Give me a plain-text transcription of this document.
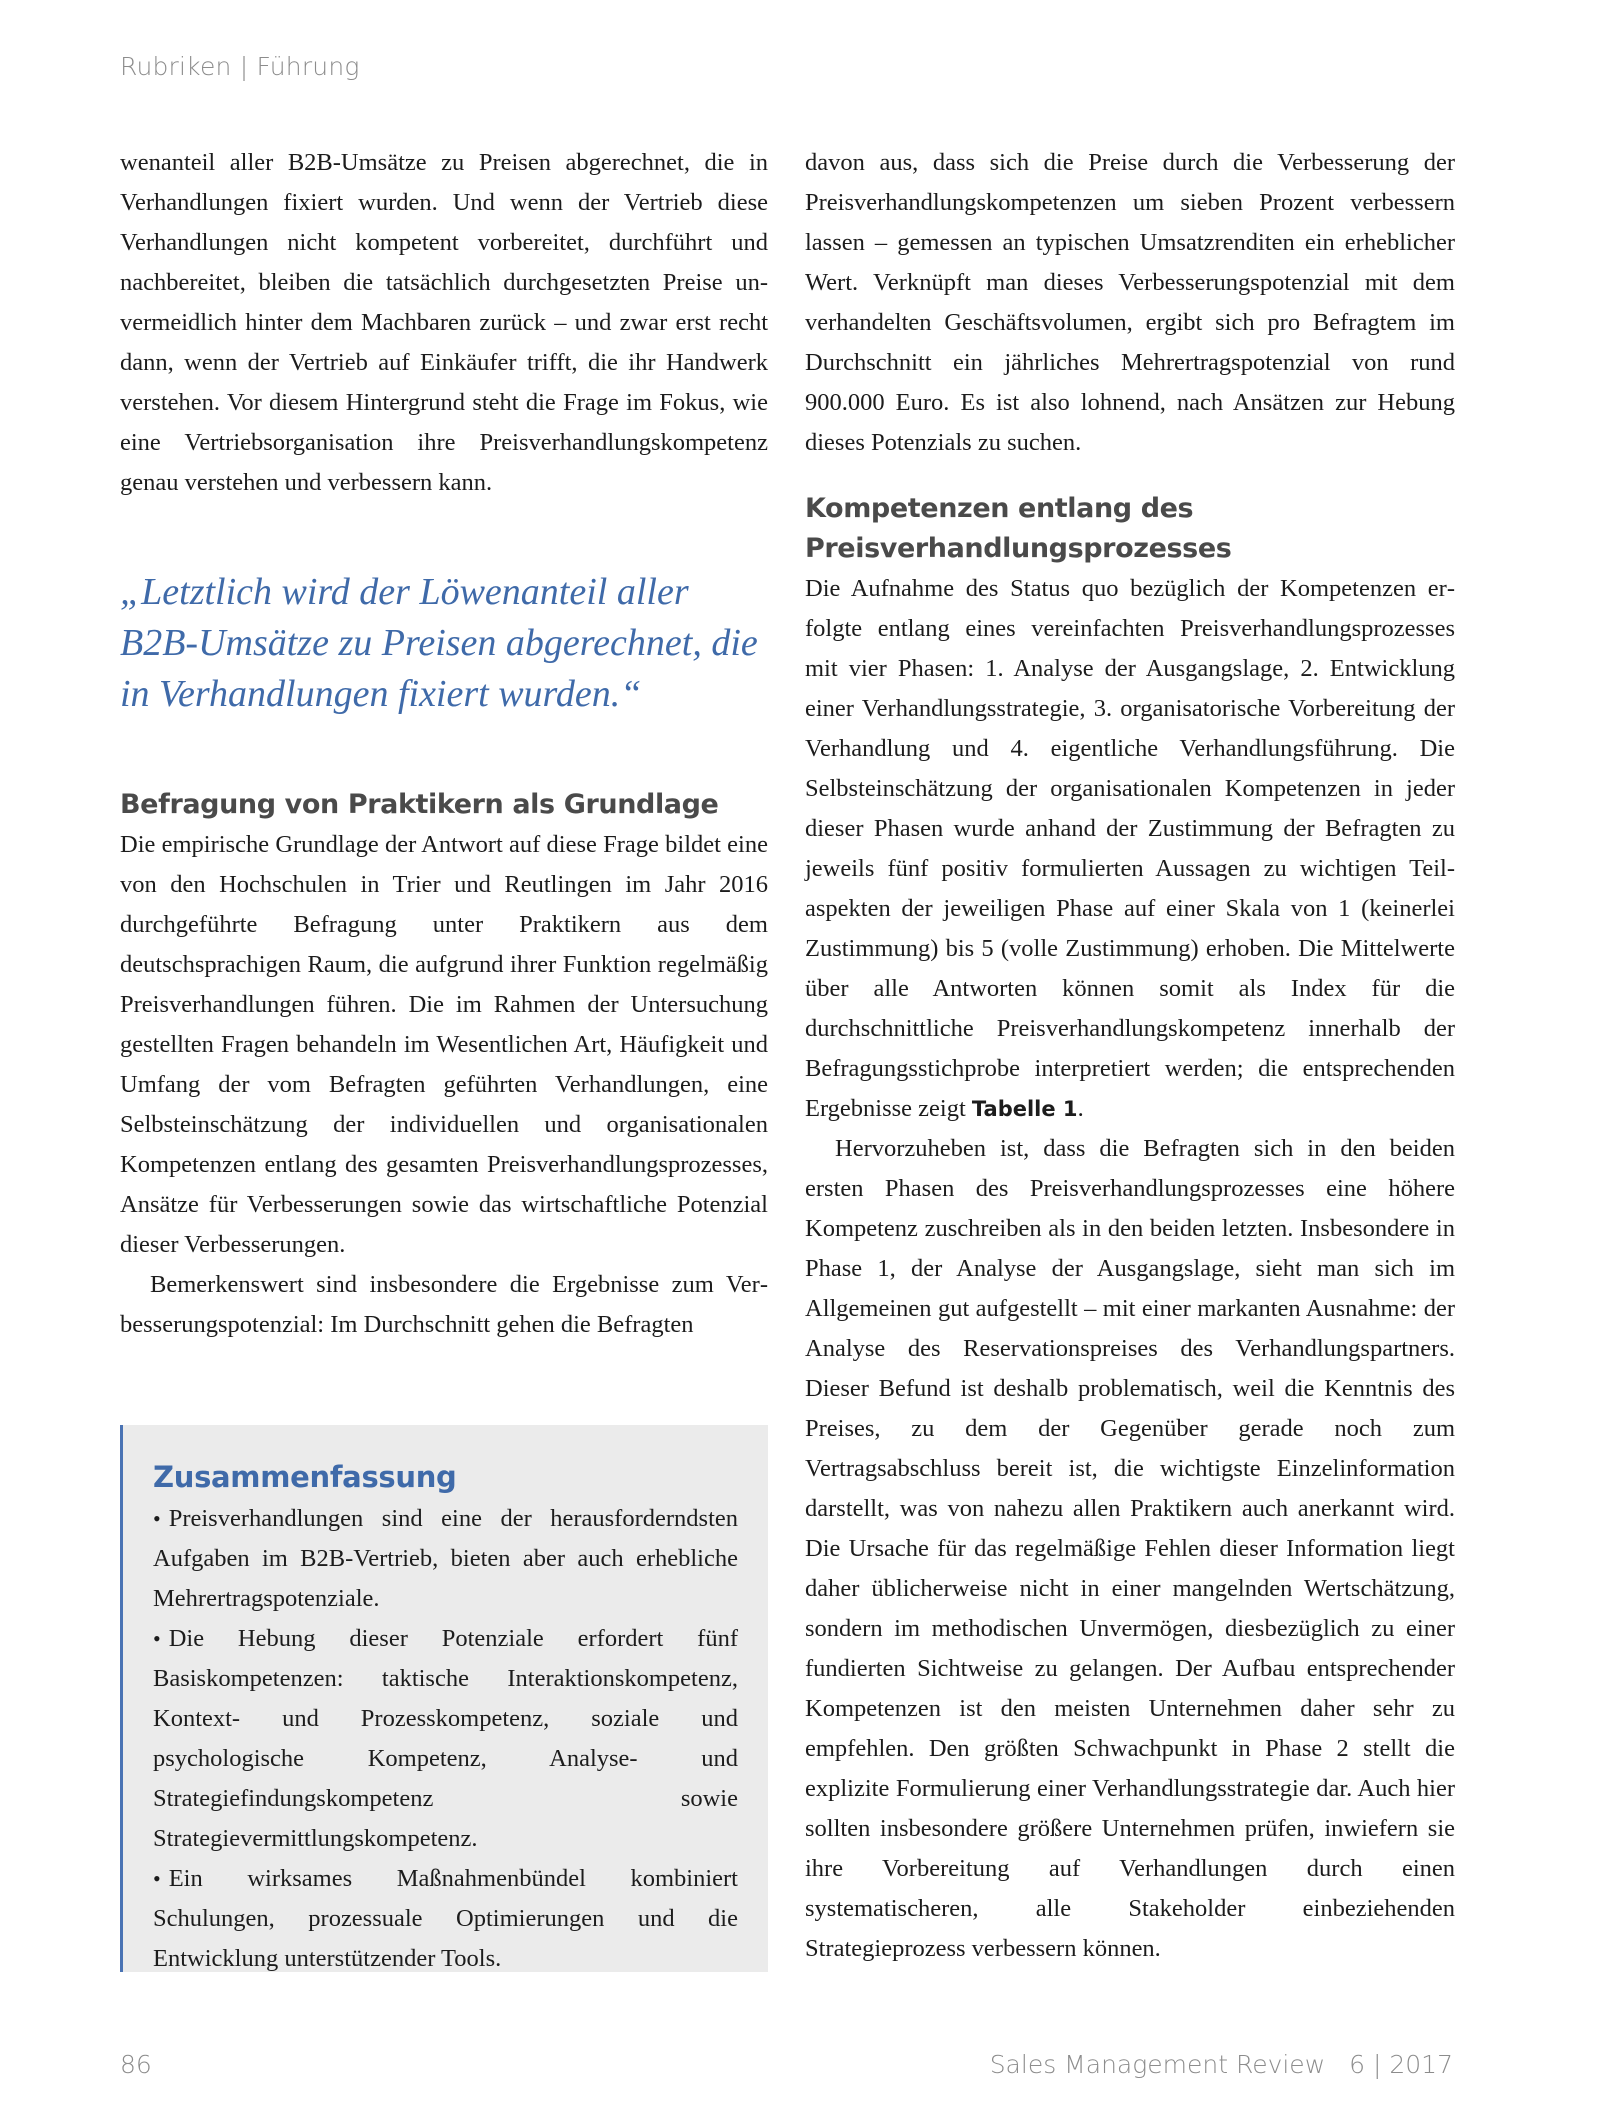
Rubriken | Führung

wenanteil aller B2B-Umsätze zu Preisen abgerechnet, die in Verhandlungen fixiert wurden. Und wenn der Vertrieb diese Verhandlungen nicht kompetent vorbereitet, durchführt und nachbereitet, bleiben die tatsächlich durchgesetzten Preise unvermeidlich hinter dem Machbaren zurück – und zwar erst recht dann, wenn der Vertrieb auf Einkäufer trifft, die ihr Handwerk verstehen. Vor diesem Hintergrund steht die Frage im Fokus, wie eine Vertriebsorganisation ihre Preisverhandlungskompetenz genau verstehen und verbessern kann.

„Letztlich wird der Löwenanteil aller B2B-Umsätze zu Preisen abgerechnet, die in Verhandlungen fixiert wurden.“

Befragung von Praktikern als Grundlage

Die empirische Grundlage der Antwort auf diese Frage bildet eine von den Hochschulen in Trier und Reutlingen im Jahr 2016 durchgeführte Befragung unter Praktikern aus dem deutschsprachigen Raum, die aufgrund ihrer Funktion regelmäßig Preisverhandlungen führen. Die im Rahmen der Untersuchung gestellten Fragen behandeln im Wesentlichen Art, Häufigkeit und Umfang der vom Befragten geführten Verhandlungen, eine Selbsteinschätzung der individuellen und organisationalen Kompetenzen entlang des gesamten Preisverhandlungsprozesses, Ansätze für Verbesserungen sowie das wirtschaftliche Potenzial dieser Verbesserungen.

Bemerkenswert sind insbesondere die Ergebnisse zum Verbesserungspotenzial: Im Durchschnitt gehen die Befragten

Zusammenfassung

• Preisverhandlungen sind eine der herausforderndsten Aufgaben im B2B-Vertrieb, bieten aber auch erhebliche Mehrertragspotenziale.

• Die Hebung dieser Potenziale erfordert fünf Basiskompetenzen: taktische Interaktionskompetenz, Kontext- und Prozesskompetenz, soziale und psychologische Kompetenz, Analyse- und Strategiefindungskompetenz sowie Strategievermittlungskompetenz.

• Ein wirksames Maßnahmenbündel kombiniert Schulungen, prozessuale Optimierungen und die Entwicklung unterstützender Tools.

davon aus, dass sich die Preise durch die Verbesserung der Preisverhandlungskompetenzen um sieben Prozent verbessern lassen – gemessen an typischen Umsatzrenditen ein erheblicher Wert. Verknüpft man dieses Verbesserungspotenzial mit dem verhandelten Geschäftsvolumen, ergibt sich pro Befragtem im Durchschnitt ein jährliches Mehrertragspotenzial von rund 900.000 Euro. Es ist also lohnend, nach Ansätzen zur Hebung dieses Potenzials zu suchen.

Kompetenzen entlang des Preisverhandlungsprozesses

Die Aufnahme des Status quo bezüglich der Kompetenzen erfolgte entlang eines vereinfachten Preisverhandlungsprozesses mit vier Phasen: 1. Analyse der Ausgangslage, 2. Entwicklung einer Verhandlungsstrategie, 3. organisatorische Vorbereitung der Verhandlung und 4. eigentliche Verhandlungsführung. Die Selbsteinschätzung der organisationalen Kompetenzen in jeder dieser Phasen wurde anhand der Zustimmung der Befragten zu jeweils fünf positiv formulierten Aussagen zu wichtigen Teilaspekten der jeweiligen Phase auf einer Skala von 1 (keinerlei Zustimmung) bis 5 (volle Zustimmung) erhoben. Die Mittelwerte über alle Antworten können somit als Index für die durchschnittliche Preisverhandlungskompetenz innerhalb der Befragungsstichprobe interpretiert werden; die entsprechenden Ergebnisse zeigt Tabelle 1.

Hervorzuheben ist, dass die Befragten sich in den beiden ersten Phasen des Preisverhandlungsprozesses eine höhere Kompetenz zuschreiben als in den beiden letzten. Insbesondere in Phase 1, der Analyse der Ausgangslage, sieht man sich im Allgemeinen gut aufgestellt – mit einer markanten Ausnahme: der Analyse des Reservationspreises des Verhandlungspartners. Dieser Befund ist deshalb problematisch, weil die Kenntnis des Preises, zu dem der Gegenüber gerade noch zum Vertragsabschluss bereit ist, die wichtigste Einzelinformation darstellt, was von nahezu allen Praktikern auch anerkannt wird. Die Ursache für das regelmäßige Fehlen dieser Information liegt daher üblicherweise nicht in einer mangelnden Wertschätzung, sondern im methodischen Unvermögen, diesbezüglich zu einer fundierten Sichtweise zu gelangen. Der Aufbau entsprechender Kompetenzen ist den meisten Unternehmen daher sehr zu empfehlen. Den größten Schwachpunkt in Phase 2 stellt die explizite Formulierung einer Verhandlungsstrategie dar. Auch hier sollten insbesondere größere Unternehmen prüfen, inwiefern sie ihre Vorbereitung auf Verhandlungen durch einen systematischeren, alle Stakeholder einbeziehenden Strategieprozess verbessern können.

86	Sales Management Review 6 | 2017
